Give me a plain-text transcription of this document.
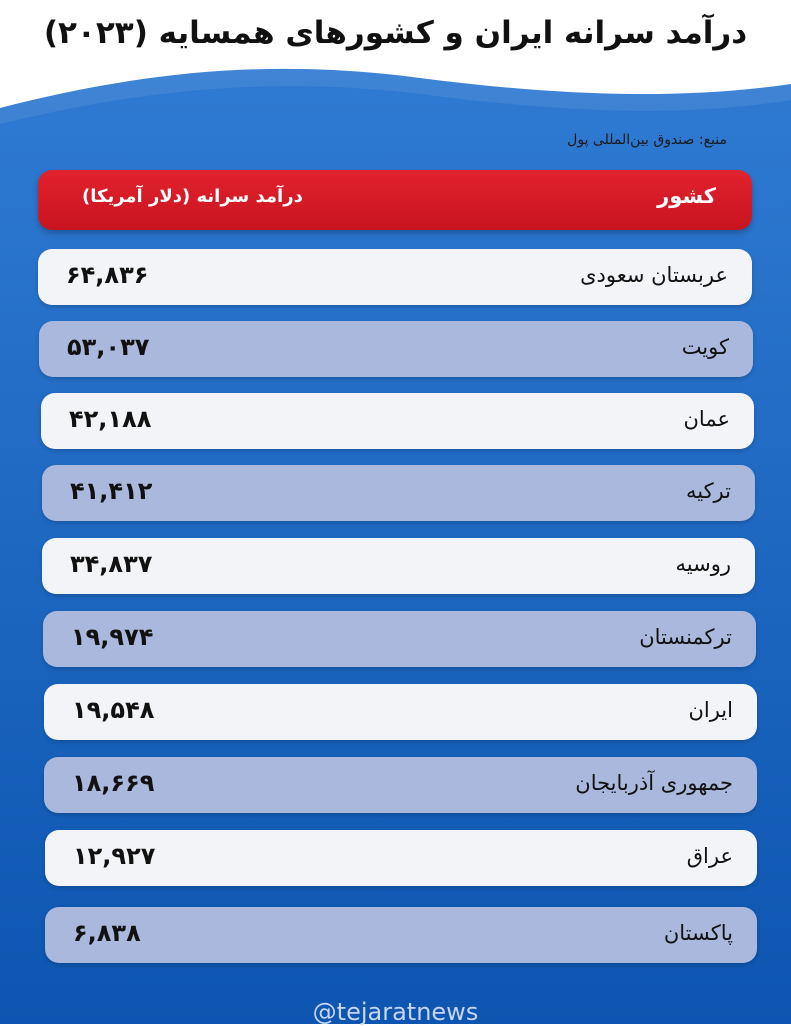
درآمد سرانه ایران و کشورهای همسایه (۲۰۲۳)
منبع: صندوق بین‌المللی پول
کشور
درآمد سرانه (دلار آمریکا)
عربستان سعودی
۶۴,۸۳۶
کویت
۵۳,۰۳۷
عمان
۴۲,۱۸۸
ترکیه
۴۱,۴۱۲
روسیه
۳۴,۸۳۷
ترکمنستان
۱۹,۹۷۴
ایران
۱۹,۵۴۸
جمهوری آذربایجان
۱۸,۶۶۹
عراق
۱۲,۹۲۷
پاکستان
۶,۸۳۸
@tejaratnews
